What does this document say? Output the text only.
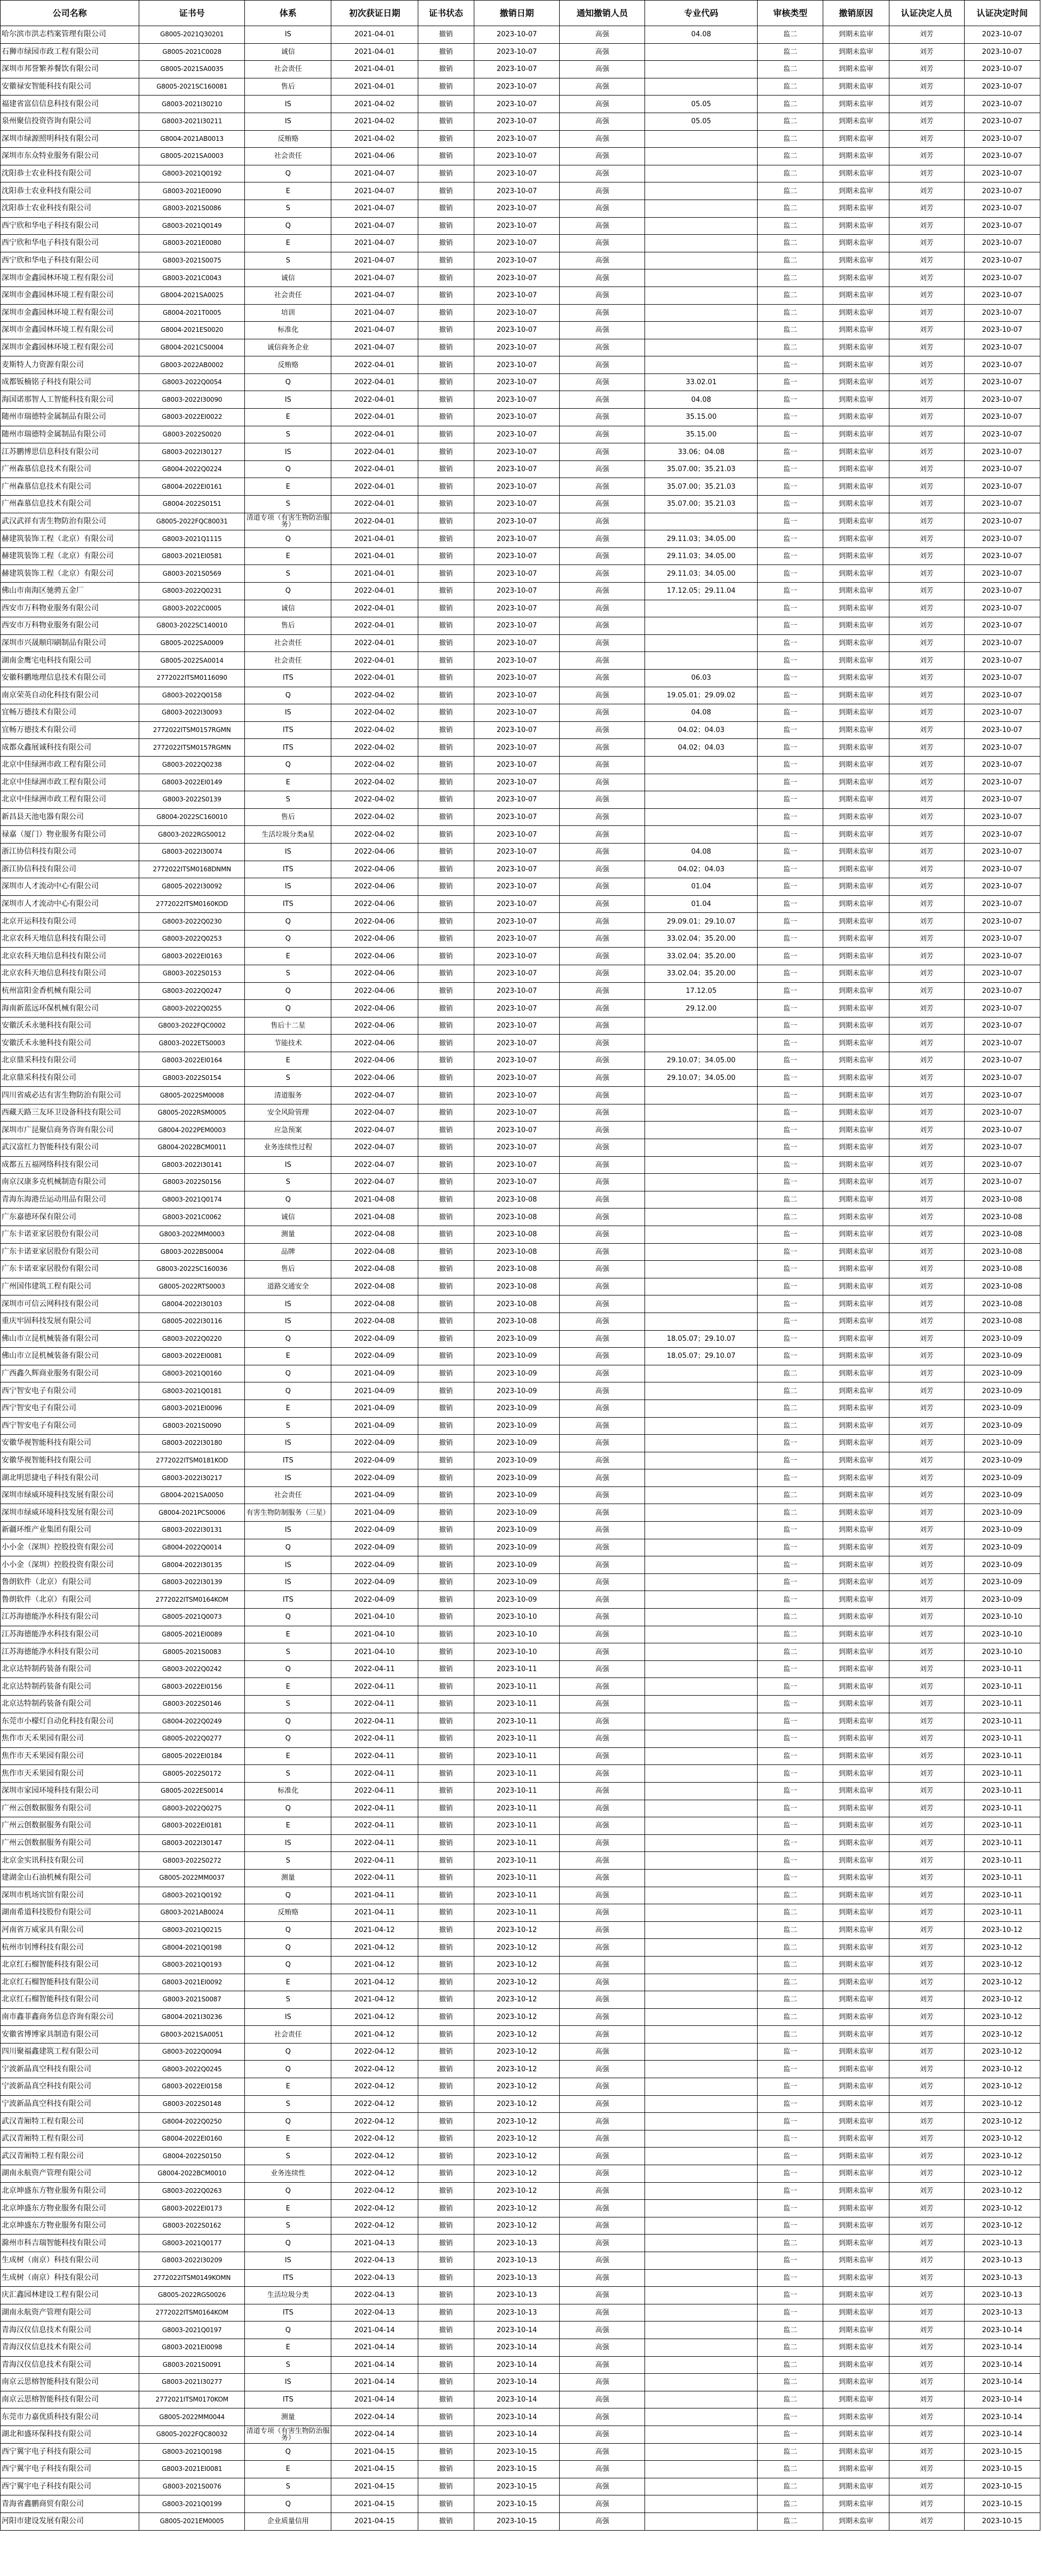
公司名称	证书号	体系	初次获证日期	证书状态	撤销日期	通知撤销人员	专业代码	审核类型	撤销原因	认证决定人员	认证决定时间
哈尔滨市洪志档案管理有限公司	G8005-2021Q30201	IS	2021-04-01	撤销	2023-10-07	高强	04.08	监二	到期未监审	刘芳	2023-10-07
石狮市绿园市政工程有限公司	G8005-2021C0028	诚信	2021-04-01	撤销	2023-10-07	高强		监二	到期未监审	刘芳	2023-10-07
深圳市邦誉繁养餐饮有限公司	G8005-2021SA0035	社会责任	2021-04-01	撤销	2023-10-07	高强		监二	到期未监审	刘芳	2023-10-07
安徽禄安智能科技有限公司	G8005-2021SC160081	售后	2021-04-01	撤销	2023-10-07	高强		监二	到期未监审	刘芳	2023-10-07
福建省富信信息科技有限公司	G8003-2021I30210	IS	2021-04-02	撤销	2023-10-07	高强	05.05	监二	到期未监审	刘芳	2023-10-07
泉州聚信投资咨询有限公司	G8003-2021I30211	IS	2021-04-02	撤销	2023-10-07	高强	05.05	监二	到期未监审	刘芳	2023-10-07
深圳市绿源照明科技有限公司	G8004-2021AB0013	反贿赂	2021-04-02	撤销	2023-10-07	高强		监二	到期未监审	刘芳	2023-10-07
深圳市东众特业服务有限公司	G8005-2021SA0003	社会责任	2021-04-06	撤销	2023-10-07	高强		监二	到期未监审	刘芳	2023-10-07
沈阳恭士农业科技有限公司	G8003-2021Q0192	Q	2021-04-07	撤销	2023-10-07	高强		监二	到期未监审	刘芳	2023-10-07
沈阳恭士农业科技有限公司	G8003-2021E0090	E	2021-04-07	撤销	2023-10-07	高强		监二	到期未监审	刘芳	2023-10-07
沈阳恭士农业科技有限公司	G8003-2021S0086	S	2021-04-07	撤销	2023-10-07	高强		监二	到期未监审	刘芳	2023-10-07
西宁欣和华电子科技有限公司	G8003-2021Q0149	Q	2021-04-07	撤销	2023-10-07	高强		监二	到期未监审	刘芳	2023-10-07
西宁欣和华电子科技有限公司	G8003-2021E0080	E	2021-04-07	撤销	2023-10-07	高强		监二	到期未监审	刘芳	2023-10-07
西宁欣和华电子科技有限公司	G8003-2021S0075	S	2021-04-07	撤销	2023-10-07	高强		监二	到期未监审	刘芳	2023-10-07
深圳市金鑫园林环境工程有限公司	G8003-2021C0043	诚信	2021-04-07	撤销	2023-10-07	高强		监二	到期未监审	刘芳	2023-10-07
深圳市金鑫园林环境工程有限公司	G8004-2021SA0025	社会责任	2021-04-07	撤销	2023-10-07	高强		监二	到期未监审	刘芳	2023-10-07
深圳市金鑫园林环境工程有限公司	G8004-2021T0005	培训	2021-04-07	撤销	2023-10-07	高强		监二	到期未监审	刘芳	2023-10-07
深圳市金鑫园林环境工程有限公司	G8004-2021ES0020	标准化	2021-04-07	撤销	2023-10-07	高强		监二	到期未监审	刘芳	2023-10-07
深圳市金鑫园林环境工程有限公司	G8004-2021CS0004	诚信商务企业	2021-04-07	撤销	2023-10-07	高强		监二	到期未监审	刘芳	2023-10-07
麦斯特人力资源有限公司	G8003-2022AB0002	反贿赂	2022-04-01	撤销	2023-10-07	高强		监一	到期未监审	刘芳	2023-10-07
成都钣楠铭子科技有限公司	G8003-2022Q0054	Q	2022-04-01	撤销	2023-10-07	高强	33.02.01	监一	到期未监审	刘芳	2023-10-07
海国诺那智人工智能科技有限公司	G8003-2022I30090	IS	2022-04-01	撤销	2023-10-07	高强	04.08	监一	到期未监审	刘芳	2023-10-07
随州市瑞德特金属制品有限公司	G8003-2022EI0022	E	2022-04-01	撤销	2023-10-07	高强	35.15.00	监一	到期未监审	刘芳	2023-10-07
随州市瑞德特金属制品有限公司	G8003-2022S0020	S	2022-04-01	撤销	2023-10-07	高强	35.15.00	监一	到期未监审	刘芳	2023-10-07
江苏鹏博思信息科技有限公司	G8003-2022I30127	IS	2022-04-01	撤销	2023-10-07	高强	33.06；04.08	监一	到期未监审	刘芳	2023-10-07
广州森慕信息技术有限公司	G8004-2022Q0224	Q	2022-04-01	撤销	2023-10-07	高强	35.07.00；35.21.03	监一	到期未监审	刘芳	2023-10-07
广州森慕信息技术有限公司	G8004-2022EI0161	E	2022-04-01	撤销	2023-10-07	高强	35.07.00；35.21.03	监一	到期未监审	刘芳	2023-10-07
广州森慕信息技术有限公司	G8004-2022S0151	S	2022-04-01	撤销	2023-10-07	高强	35.07.00；35.21.03	监一	到期未监审	刘芳	2023-10-07
武汉武祥有害生物防治有限公司	G8005-2022FQC80031	清道专项（有害生物防治服务）	2022-04-01	撤销	2023-10-07	高强		监一	到期未监审	刘芳	2023-10-07
赫建筑装饰工程（北京）有限公司	G8003-2021Q1115	Q	2021-04-01	撤销	2023-10-07	高强	29.11.03；34.05.00	监一	到期未监审	刘芳	2023-10-07
赫建筑装饰工程（北京）有限公司	G8003-2021EI0581	E	2021-04-01	撤销	2023-10-07	高强	29.11.03；34.05.00	监一	到期未监审	刘芳	2023-10-07
赫建筑装饰工程（北京）有限公司	G8003-2021S0569	S	2021-04-01	撤销	2023-10-07	高强	29.11.03；34.05.00	监一	到期未监审	刘芳	2023-10-07
佛山市南海区驰骋五金厂	G8003-2022Q0231	Q	2022-04-01	撤销	2023-10-07	高强	17.12.05；29.11.04	监一	到期未监审	刘芳	2023-10-07
西安市万科物业服务有限公司	G8003-2022C0005	诚信	2022-04-01	撤销	2023-10-07	高强		监一	到期未监审	刘芳	2023-10-07
西安市万科物业服务有限公司	G8003-2022SC140010	售后	2022-04-01	撤销	2023-10-07	高强		监一	到期未监审	刘芳	2023-10-07
深圳市兴晟顺印刷制品有限公司	G8005-2022SA0009	社会责任	2022-04-01	撤销	2023-10-07	高强		监一	到期未监审	刘芳	2023-10-07
湖南金鹰宅电科技有限公司	G8005-2022SA0014	社会责任	2022-04-01	撤销	2023-10-07	高强		监一	到期未监审	刘芳	2023-10-07
安徽科鹏地理信息技术有限公司	2772022ITSM0116090	ITS	2022-04-01	撤销	2023-10-07	高强	06.03	监一	到期未监审	刘芳	2023-10-07
南京荣英自动化科技有限公司	G8003-2022Q0158	Q	2022-04-02	撤销	2023-10-07	高强	19.05.01；29.09.02	监一	到期未监审	刘芳	2023-10-07
宜畅万德技术有限公司	G8003-2022I30093	IS	2022-04-02	撤销	2023-10-07	高强	04.08	监一	到期未监审	刘芳	2023-10-07
宜畅万德技术有限公司	2772022ITSM0157RGMN	ITS	2022-04-02	撤销	2023-10-07	高强	04.02；04.03	监一	到期未监审	刘芳	2023-10-07
成都众鑫展诚科技有限公司	2772022ITSM0157RGMN	ITS	2022-04-02	撤销	2023-10-07	高强	04.02；04.03	监一	到期未监审	刘芳	2023-10-07
北京中佳绿洲市政工程有限公司	G8003-2022Q0238	Q	2022-04-02	撤销	2023-10-07	高强		监一	到期未监审	刘芳	2023-10-07
北京中佳绿洲市政工程有限公司	G8003-2022EI0149	E	2022-04-02	撤销	2023-10-07	高强		监一	到期未监审	刘芳	2023-10-07
北京中佳绿洲市政工程有限公司	G8003-2022S0139	S	2022-04-02	撤销	2023-10-07	高强		监一	到期未监审	刘芳	2023-10-07
新昌县天池电器有限公司	G8004-2022SC160010	售后	2022-04-02	撤销	2023-10-07	高强		监一	到期未监审	刘芳	2023-10-07
禄嘉（厦门）物业服务有限公司	G8003-2022RGS0012	生活垃圾分类a星	2022-04-02	撤销	2023-10-07	高强		监一	到期未监审	刘芳	2023-10-07
浙江协信科技有限公司	G8003-2022I30074	IS	2022-04-06	撤销	2023-10-07	高强	04.08	监一	到期未监审	刘芳	2023-10-07
浙江协信科技有限公司	2772022ITSM0168DNMN	ITS	2022-04-06	撤销	2023-10-07	高强	04.02；04.03	监一	到期未监审	刘芳	2023-10-07
深圳市人才流动中心有限公司	G8005-2022I30092	IS	2022-04-06	撤销	2023-10-07	高强	01.04	监一	到期未监审	刘芳	2023-10-07
深圳市人才流动中心有限公司	2772022ITSM0160KOD	ITS	2022-04-06	撤销	2023-10-07	高强	01.04	监一	到期未监审	刘芳	2023-10-07
北京开运科技有限公司	G8003-2022Q0230	Q	2022-04-06	撤销	2023-10-07	高强	29.09.01；29.10.07	监一	到期未监审	刘芳	2023-10-07
北京农科天地信息科技有限公司	G8003-2022Q0253	Q	2022-04-06	撤销	2023-10-07	高强	33.02.04；35.20.00	监一	到期未监审	刘芳	2023-10-07
北京农科天地信息科技有限公司	G8003-2022EI0163	E	2022-04-06	撤销	2023-10-07	高强	33.02.04；35.20.00	监一	到期未监审	刘芳	2023-10-07
北京农科天地信息科技有限公司	G8003-2022S0153	S	2022-04-06	撤销	2023-10-07	高强	33.02.04；35.20.00	监一	到期未监审	刘芳	2023-10-07
杭州富阳金香机械有限公司	G8003-2022Q0247	Q	2022-04-06	撤销	2023-10-07	高强	17.12.05	监一	到期未监审	刘芳	2023-10-07
海南新蓝远环保机械有限公司	G8003-2022Q0255	Q	2022-04-06	撤销	2023-10-07	高强	29.12.00	监一	到期未监审	刘芳	2023-10-07
安徽沃禾永驰科技有限公司	G8003-2022FQC0002	售后十二星	2022-04-06	撤销	2023-10-07	高强		监一	到期未监审	刘芳	2023-10-07
安徽沃禾永驰科技有限公司	G8003-2022ETS0003	节能技术	2022-04-06	撤销	2023-10-07	高强		监一	到期未监审	刘芳	2023-10-07
北京鼎采科技有限公司	G8003-2022EI0164	E	2022-04-06	撤销	2023-10-07	高强	29.10.07；34.05.00	监一	到期未监审	刘芳	2023-10-07
北京鼎采科技有限公司	G8003-2022S0154	S	2022-04-06	撤销	2023-10-07	高强	29.10.07；34.05.00	监一	到期未监审	刘芳	2023-10-07
四川省威必达有害生物防治有限公司	G8005-2022SM0008	清道服务	2022-04-07	撤销	2023-10-07	高强		监一	到期未监审	刘芳	2023-10-07
西藏天路三友环卫设备科技有限公司	G8005-2022RSM0005	安全风险管理	2022-04-07	撤销	2023-10-07	高强		监一	到期未监审	刘芳	2023-10-07
深圳市广昆聚信商务咨询有限公司	G8004-2022PEM0003	应急预案	2022-04-07	撤销	2023-10-07	高强		监一	到期未监审	刘芳	2023-10-07
武汉富红力智能科技有限公司	G8004-2022BCM0011	业务连续性过程	2022-04-07	撤销	2023-10-07	高强		监一	到期未监审	刘芳	2023-10-07
成都五五福网络科技有限公司	G8003-2022I30141	IS	2022-04-07	撤销	2023-10-07	高强		监一	到期未监审	刘芳	2023-10-07
南京汉康多克机械制造有限公司	G8003-2022S0156	S	2022-04-07	撤销	2023-10-07	高强		监一	到期未监审	刘芳	2023-10-07
青海东海港岳运动用品有限公司	G8003-2021Q0174	Q	2021-04-08	撤销	2023-10-08	高强		监二	到期未监审	刘芳	2023-10-08
广东嘉德环保有限公司	G8003-2021C0062	诚信	2021-04-08	撤销	2023-10-08	高强		监二	到期未监审	刘芳	2023-10-08
广东卡诺亚家居股份有限公司	G8003-2022MM0003	测量	2022-04-08	撤销	2023-10-08	高强		监一	到期未监审	刘芳	2023-10-08
广东卡诺亚家居股份有限公司	G8003-2022BS0004	品牌	2022-04-08	撤销	2023-10-08	高强		监一	到期未监审	刘芳	2023-10-08
广东卡诺亚家居股份有限公司	G8003-2022SC160036	售后	2022-04-08	撤销	2023-10-08	高强		监一	到期未监审	刘芳	2023-10-08
广州国伟建筑工程有限公司	G8005-2022RTS0003	道路交通安全	2022-04-08	撤销	2023-10-08	高强		监一	到期未监审	刘芳	2023-10-08
深圳市可信云网科技有限公司	G8004-2022I30103	IS	2022-04-08	撤销	2023-10-08	高强		监一	到期未监审	刘芳	2023-10-08
重庆牢固科技发展有限公司	G8005-2022I30116	IS	2022-04-08	撤销	2023-10-08	高强		监一	到期未监审	刘芳	2023-10-08
佛山市立昆机械装备有限公司	G8003-2022Q0220	Q	2022-04-09	撤销	2023-10-09	高强	18.05.07；29.10.07	监一	到期未监审	刘芳	2023-10-09
佛山市立昆机械装备有限公司	G8003-2022EI0081	E	2022-04-09	撤销	2023-10-09	高强	18.05.07；29.10.07	监一	到期未监审	刘芳	2023-10-09
广西鑫久辉商业服务有限公司	G8003-2021Q0160	Q	2021-04-09	撤销	2023-10-09	高强		监二	到期未监审	刘芳	2023-10-09
西宁智安电子有限公司	G8003-2021Q0181	Q	2021-04-09	撤销	2023-10-09	高强		监二	到期未监审	刘芳	2023-10-09
西宁智安电子有限公司	G8003-2021EI0096	E	2021-04-09	撤销	2023-10-09	高强		监二	到期未监审	刘芳	2023-10-09
西宁智安电子有限公司	G8003-2021S0090	S	2021-04-09	撤销	2023-10-09	高强		监二	到期未监审	刘芳	2023-10-09
安徽华视智能科技有限公司	G8003-2022I30180	IS	2022-04-09	撤销	2023-10-09	高强		监一	到期未监审	刘芳	2023-10-09
安徽华视智能科技有限公司	2772022ITSM0181KOD	ITS	2022-04-09	撤销	2023-10-09	高强		监一	到期未监审	刘芳	2023-10-09
湖北明思捷电子科技有限公司	G8003-2022I30217	IS	2022-04-09	撤销	2023-10-09	高强		监一	到期未监审	刘芳	2023-10-09
深圳市绿威环境科技发展有限公司	G8004-2021SA0050	社会责任	2021-04-09	撤销	2023-10-09	高强		监二	到期未监审	刘芳	2023-10-09
深圳市绿威环境科技发展有限公司	G8004-2021PCS0006	有害生物防制服务（三星）	2021-04-09	撤销	2023-10-09	高强		监二	到期未监审	刘芳	2023-10-09
新疆环维产业集团有限公司	G8003-2022I30131	IS	2022-04-09	撤销	2023-10-09	高强		监一	到期未监审	刘芳	2023-10-09
小小金（深圳）控股投资有限公司	G8004-2022Q0014	Q	2022-04-09	撤销	2023-10-09	高强		监一	到期未监审	刘芳	2023-10-09
小小金（深圳）控股投资有限公司	G8004-2022I30135	IS	2022-04-09	撤销	2023-10-09	高强		监一	到期未监审	刘芳	2023-10-09
鲁朗软件（北京）有限公司	G8003-2022I30139	IS	2022-04-09	撤销	2023-10-09	高强		监一	到期未监审	刘芳	2023-10-09
鲁朗软件（北京）有限公司	2772022ITSM0164KOM	ITS	2022-04-09	撤销	2023-10-09	高强		监一	到期未监审	刘芳	2023-10-09
江苏海德能净水科技有限公司	G8005-2021Q0073	Q	2021-04-10	撤销	2023-10-10	高强		监二	到期未监审	刘芳	2023-10-10
江苏海德能净水科技有限公司	G8005-2021EI0089	E	2021-04-10	撤销	2023-10-10	高强		监二	到期未监审	刘芳	2023-10-10
江苏海德能净水科技有限公司	G8005-2021S0083	S	2021-04-10	撤销	2023-10-10	高强		监二	到期未监审	刘芳	2023-10-10
北京达特制药装备有限公司	G8003-2022Q0242	Q	2022-04-11	撤销	2023-10-11	高强		监一	到期未监审	刘芳	2023-10-11
北京达特制药装备有限公司	G8003-2022EI0156	E	2022-04-11	撤销	2023-10-11	高强		监一	到期未监审	刘芳	2023-10-11
北京达特制药装备有限公司	G8003-2022S0146	S	2022-04-11	撤销	2023-10-11	高强		监一	到期未监审	刘芳	2023-10-11
东莞市小檬灯自动化科技有限公司	G8004-2022Q0249	Q	2022-04-11	撤销	2023-10-11	高强		监一	到期未监审	刘芳	2023-10-11
焦作市天禾果园有限公司	G8005-2022Q0277	Q	2022-04-11	撤销	2023-10-11	高强		监一	到期未监审	刘芳	2023-10-11
焦作市天禾果园有限公司	G8005-2022EI0184	E	2022-04-11	撤销	2023-10-11	高强		监一	到期未监审	刘芳	2023-10-11
焦作市天禾果园有限公司	G8005-2022S0172	S	2022-04-11	撤销	2023-10-11	高强		监一	到期未监审	刘芳	2023-10-11
深圳市家园环境科技有限公司	G8005-2022ES0014	标准化	2022-04-11	撤销	2023-10-11	高强		监一	到期未监审	刘芳	2023-10-11
广州云创数据服务有限公司	G8003-2022Q0275	Q	2022-04-11	撤销	2023-10-11	高强		监一	到期未监审	刘芳	2023-10-11
广州云创数据服务有限公司	G8003-2022EI0181	E	2022-04-11	撤销	2023-10-11	高强		监一	到期未监审	刘芳	2023-10-11
广州云创数据服务有限公司	G8003-2022I30147	IS	2022-04-11	撤销	2023-10-11	高强		监一	到期未监审	刘芳	2023-10-11
北京金实讯科技有限公司	G8003-2022S0272	S	2022-04-11	撤销	2023-10-11	高强		监一	到期未监审	刘芳	2023-10-11
建湖金山石油机械有限公司	G8005-2022MM0037	测量	2022-04-11	撤销	2023-10-11	高强		监一	到期未监审	刘芳	2023-10-11
深圳市机场宾馆有限公司	G8003-2021Q0192	Q	2021-04-11	撤销	2023-10-11	高强		监二	到期未监审	刘芳	2023-10-11
湖南希道科技股份有限公司	G8003-2021AB0024	反贿赂	2021-04-11	撤销	2023-10-11	高强		监二	到期未监审	刘芳	2023-10-11
河南省万威家具有限公司	G8003-2021Q0215	Q	2021-04-12	撤销	2023-10-12	高强		监二	到期未监审	刘芳	2023-10-12
杭州市钊博科技有限公司	G8004-2021Q0198	Q	2021-04-12	撤销	2023-10-12	高强		监二	到期未监审	刘芳	2023-10-12
北京红石榴智能科技有限公司	G8003-2021Q0193	Q	2021-04-12	撤销	2023-10-12	高强		监二	到期未监审	刘芳	2023-10-12
北京红石榴智能科技有限公司	G8003-2021EI0092	E	2021-04-12	撤销	2023-10-12	高强		监二	到期未监审	刘芳	2023-10-12
北京红石榴智能科技有限公司	G8003-2021S0087	S	2021-04-12	撤销	2023-10-12	高强		监二	到期未监审	刘芳	2023-10-12
南市鑫菲鑫商务信息咨询有限公司	G8004-2021I30236	IS	2021-04-12	撤销	2023-10-12	高强		监二	到期未监审	刘芳	2023-10-12
安徽省博博家具制造有限公司	G8003-2021SA0051	社会责任	2021-04-12	撤销	2023-10-12	高强		监二	到期未监审	刘芳	2023-10-12
四川聚福鑫建筑工程有限公司	G8003-2022Q0094	Q	2022-04-12	撤销	2023-10-12	高强		监一	到期未监审	刘芳	2023-10-12
宁波新晶真空科技有限公司	G8003-2022Q0245	Q	2022-04-12	撤销	2023-10-12	高强		监一	到期未监审	刘芳	2023-10-12
宁波新晶真空科技有限公司	G8003-2022EI0158	E	2022-04-12	撤销	2023-10-12	高强		监一	到期未监审	刘芳	2023-10-12
宁波新晶真空科技有限公司	G8003-2022S0148	S	2022-04-12	撤销	2023-10-12	高强		监一	到期未监审	刘芳	2023-10-12
武汉青厢特工程有限公司	G8004-2022Q0250	Q	2022-04-12	撤销	2023-10-12	高强		监一	到期未监审	刘芳	2023-10-12
武汉青厢特工程有限公司	G8004-2022EI0160	E	2022-04-12	撤销	2023-10-12	高强		监一	到期未监审	刘芳	2023-10-12
武汉青厢特工程有限公司	G8004-2022S0150	S	2022-04-12	撤销	2023-10-12	高强		监一	到期未监审	刘芳	2023-10-12
湖南永航资产管理有限公司	G8004-2022BCM0010	业务连续性	2022-04-12	撤销	2023-10-12	高强		监一	到期未监审	刘芳	2023-10-12
北京坤盛东方物业服务有限公司	G8003-2022Q0263	Q	2022-04-12	撤销	2023-10-12	高强		监一	到期未监审	刘芳	2023-10-12
北京坤盛东方物业服务有限公司	G8003-2022EI0173	E	2022-04-12	撤销	2023-10-12	高强		监一	到期未监审	刘芳	2023-10-12
北京坤盛东方物业服务有限公司	G8003-2022S0162	S	2022-04-12	撤销	2023-10-12	高强		监一	到期未监审	刘芳	2023-10-12
滁州市科吉瑞智能科技有限公司	G8003-2021Q0177	Q	2021-04-13	撤销	2023-10-13	高强		监二	到期未监审	刘芳	2023-10-13
生成树（南京）科技有限公司	G8003-2022I30209	IS	2022-04-13	撤销	2023-10-13	高强		监一	到期未监审	刘芳	2023-10-13
生成树（南京）科技有限公司	2772022ITSM0149KOMN	ITS	2022-04-13	撤销	2023-10-13	高强		监一	到期未监审	刘芳	2023-10-13
庆汇鑫园林建设工程有限公司	G8005-2022RGS0026	生活垃圾分类	2022-04-13	撤销	2023-10-13	高强		监一	到期未监审	刘芳	2023-10-13
湖南永航资产管理有限公司	2772022ITSM0164KOM	ITS	2022-04-13	撤销	2023-10-13	高强		监一	到期未监审	刘芳	2023-10-13
青海汉仪信息技术有限公司	G8003-2021Q0197	Q	2021-04-14	撤销	2023-10-14	高强		监二	到期未监审	刘芳	2023-10-14
青海汉仪信息技术有限公司	G8003-2021EI0098	E	2021-04-14	撤销	2023-10-14	高强		监二	到期未监审	刘芳	2023-10-14
青海汉仪信息技术有限公司	G8003-2021S0091	S	2021-04-14	撤销	2023-10-14	高强		监二	到期未监审	刘芳	2023-10-14
南京云思榕智能科技有限公司	G8003-2021I30277	IS	2021-04-14	撤销	2023-10-14	高强		监二	到期未监审	刘芳	2023-10-14
南京云思榕智能科技有限公司	2772021ITSM0170KOM	ITS	2021-04-14	撤销	2023-10-14	高强		监二	到期未监审	刘芳	2023-10-14
东莞市力嘉优质科技有限公司	G8005-2022MM0044	测量	2022-04-14	撤销	2023-10-14	高强		监一	到期未监审	刘芳	2023-10-14
湖北和盛环保科技有限公司	G8005-2022FQC80032	清道专项（有害生物防治服务）	2022-04-14	撤销	2023-10-14	高强		监一	到期未监审	刘芳	2023-10-14
西宁翼宇电子科技有限公司	G8003-2021Q0198	Q	2021-04-15	撤销	2023-10-15	高强		监二	到期未监审	刘芳	2023-10-15
西宁翼宇电子科技有限公司	G8003-2021EI0081	E	2021-04-15	撤销	2023-10-15	高强		监二	到期未监审	刘芳	2023-10-15
西宁翼宇电子科技有限公司	G8003-2021S0076	S	2021-04-15	撤销	2023-10-15	高强		监二	到期未监审	刘芳	2023-10-15
青海省鑫鹏商贸有限公司	G8003-2021Q0199	Q	2021-04-15	撤销	2023-10-15	高强		监二	到期未监审	刘芳	2023-10-15
河阳市建设发展有限公司	G8005-2021EM0005	企业质量信用	2021-04-15	撤销	2023-10-15	高强		监二	到期未监审	刘芳	2023-10-15
